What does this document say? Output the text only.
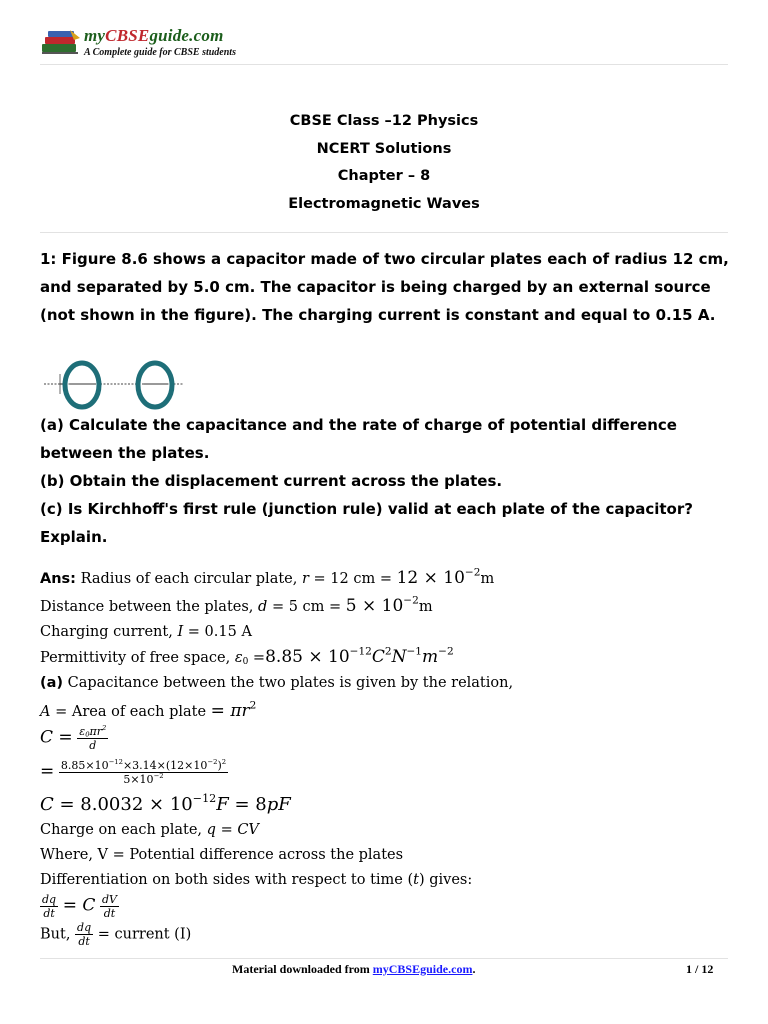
myCBSEguide.com
A Complete guide for CBSE students
CBSE Class –12 Physics
NCERT Solutions
Chapter – 8
Electromagnetic Waves
1: Figure 8.6 shows a capacitor made of two circular plates each of radius 12 cm, and separated by 5.0 cm. The capacitor is being charged by an external source (not shown in the figure). The charging current is constant and equal to 0.15 A.
(a) Calculate the capacitance and the rate of charge of potential difference between the plates.
(b) Obtain the displacement current across the plates.
(c) Is Kirchhoff's first rule (junction rule) valid at each plate of the capacitor? Explain.
Ans: Radius of each circular plate, r = 12 cm = $12 \times 10^{-2}m$
Distance between the plates, d = 5 cm = $5 \times 10^{-2}m$
Charging current, I = 0.15 A
Permittivity of free space, $\varepsilon_0 =8.85 \times 10^{-12}C^2N^{-1}m^{-2}$
(a) Capacitance between the two plates is given by the relation,
A = Area of each plate = $\pi r^2$
$C = \frac{\varepsilon_0\pi r^2}{d}$
= $\frac{8.85\times 10^{-12}\times 3.14\times(12\times 10^{-2})^2}{5\times 10^{-2}}$
$C = 8.0032 \times 10^{-12}F = 8pF$
Charge on each plate, q = CV
Where, V = Potential difference across the plates
Differentiation on both sides with respect to time (t) gives:
$\frac{dq}{dt} = C \frac{dV}{dt}$
But, $\frac{dq}{dt}$ = current (I)
Material downloaded from myCBSEguide.com.	1 / 12
